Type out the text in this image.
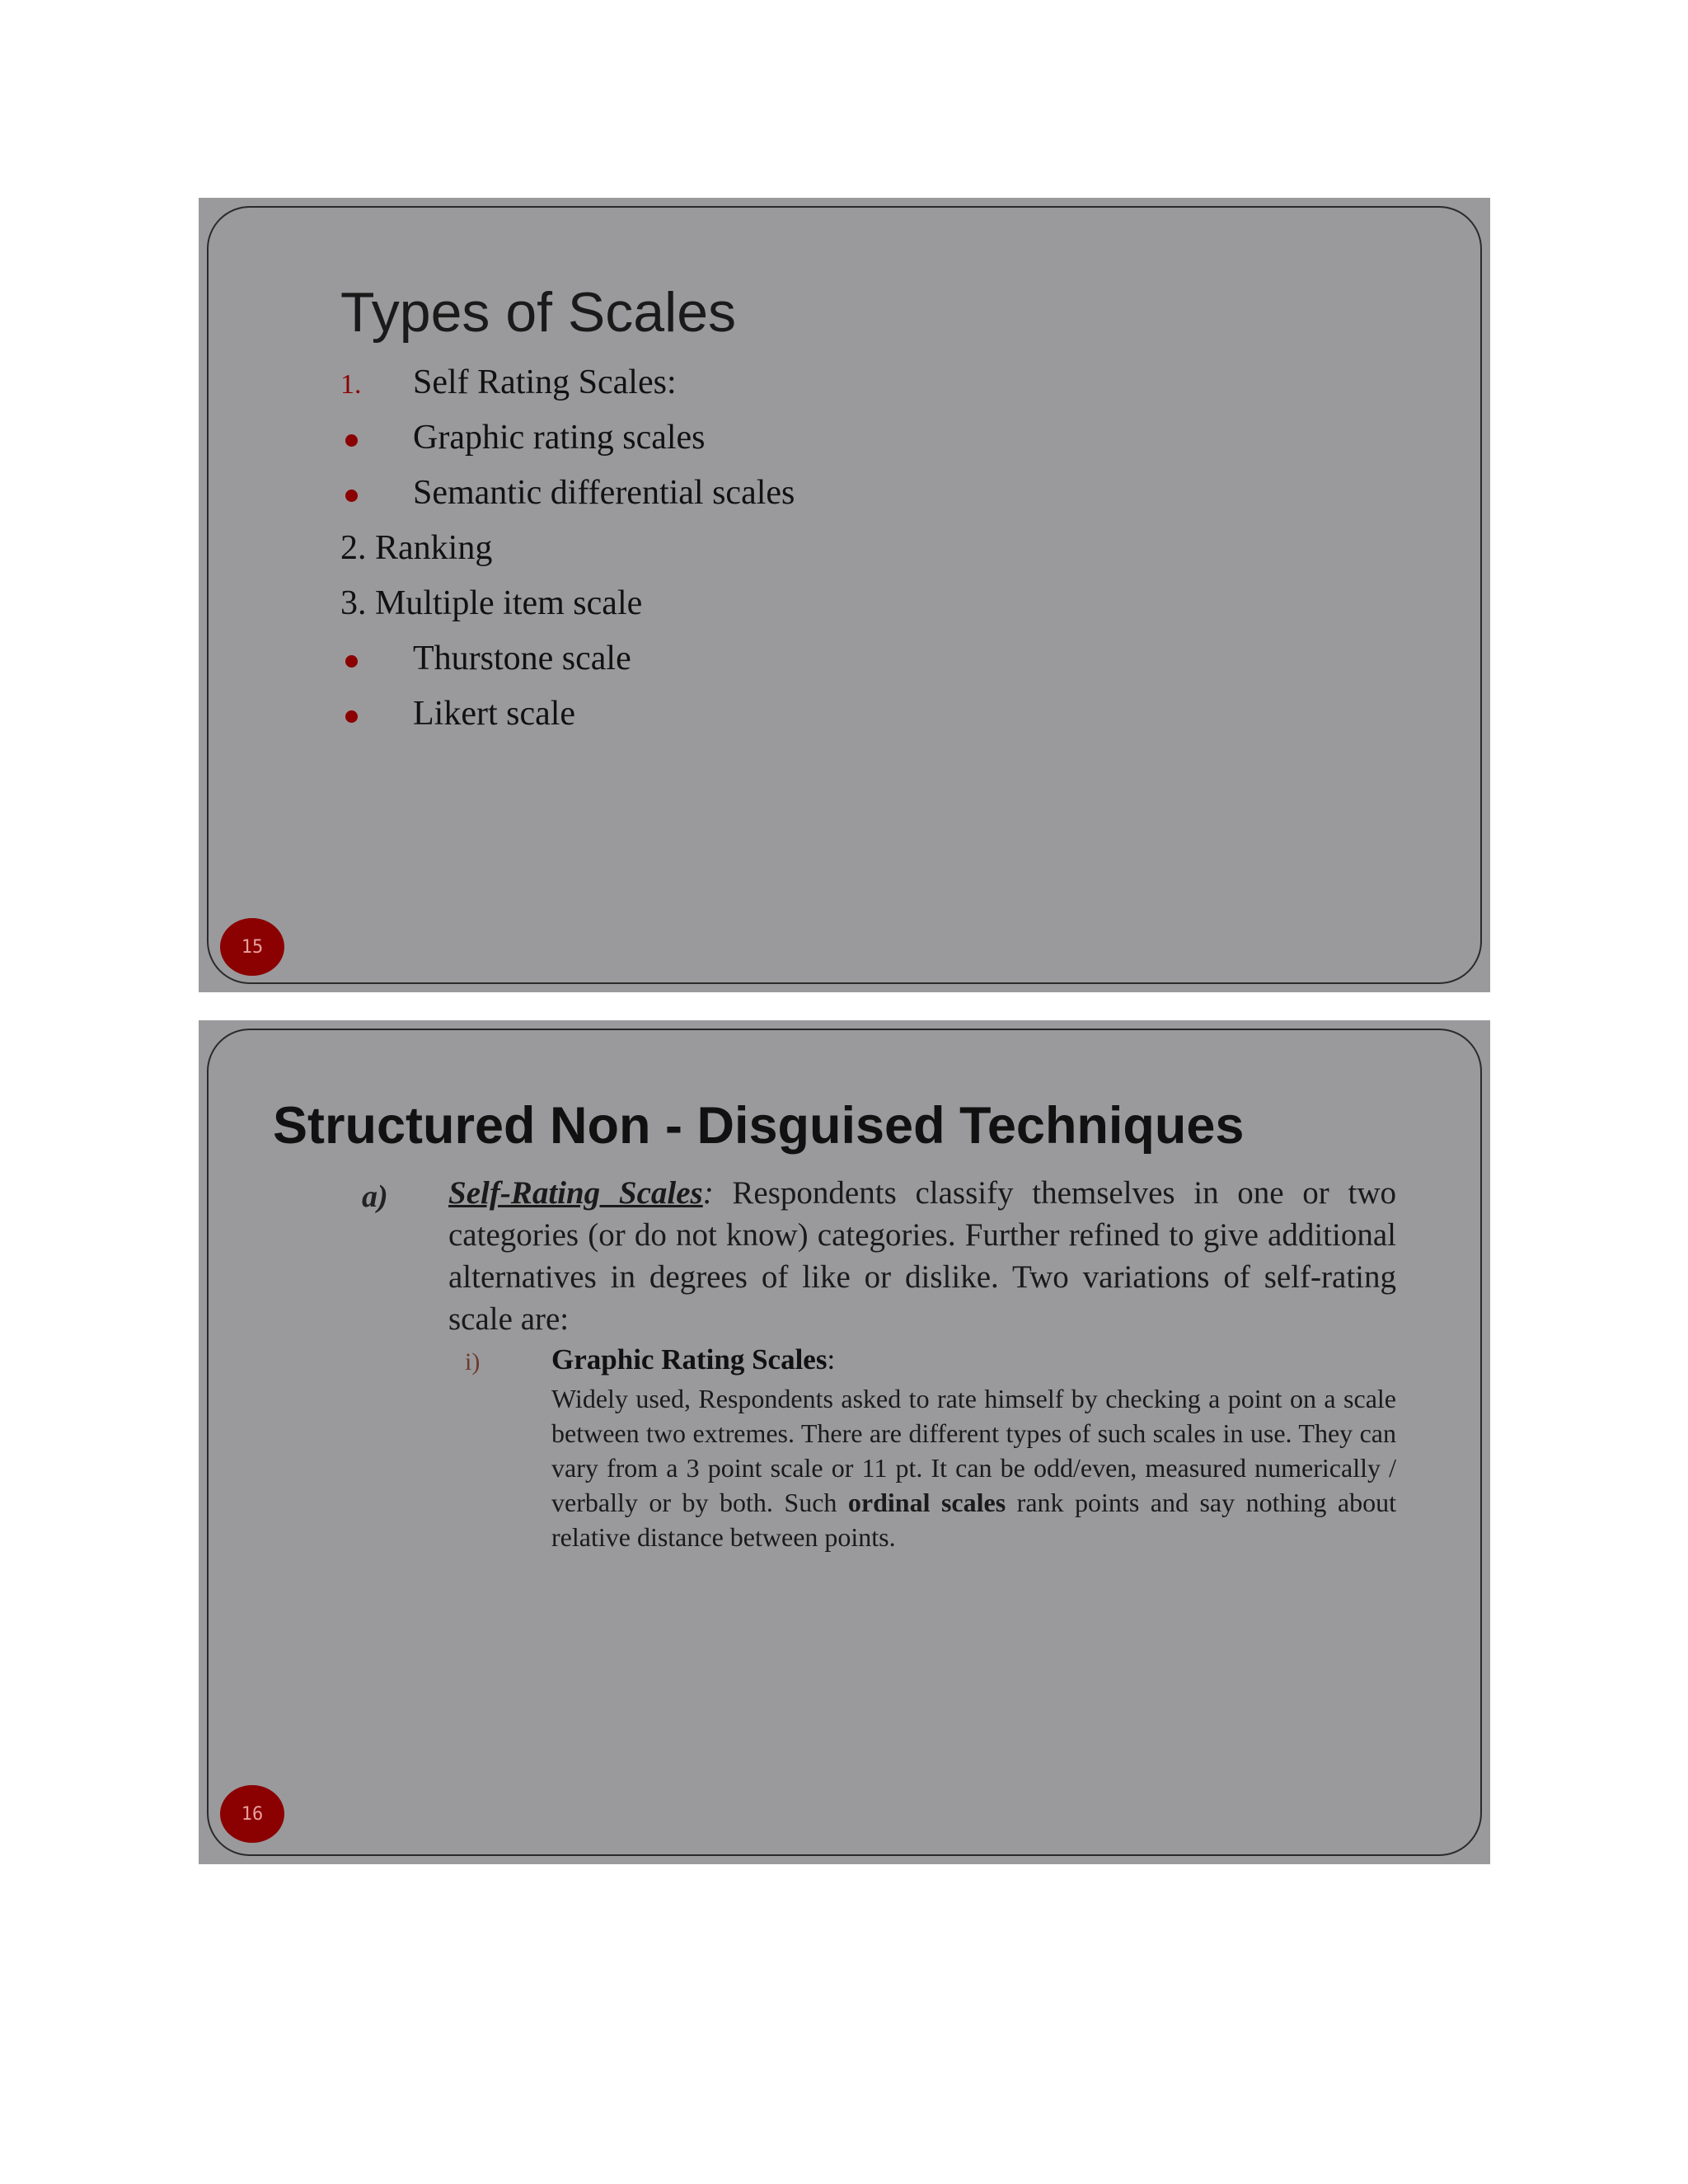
Types of Scales
1. Self Rating Scales:
Graphic rating scales
Semantic differential scales
2. Ranking
3. Multiple item scale
Thurstone scale
Likert scale
15
Structured Non - Disguised Techniques
a) Self-Rating Scales: Respondents classify themselves in one or two categories (or do not know) categories. Further refined to give additional alternatives in degrees of like or dislike. Two variations of self-rating scale are:
i) Graphic Rating Scales:
Widely used, Respondents asked to rate himself by checking a point on a scale between two extremes. There are different types of such scales in use. They can vary from a 3 point scale or 11 pt. It can be odd/even, measured numerically / verbally or by both. Such ordinal scales rank points and say nothing about relative distance between points.
16
